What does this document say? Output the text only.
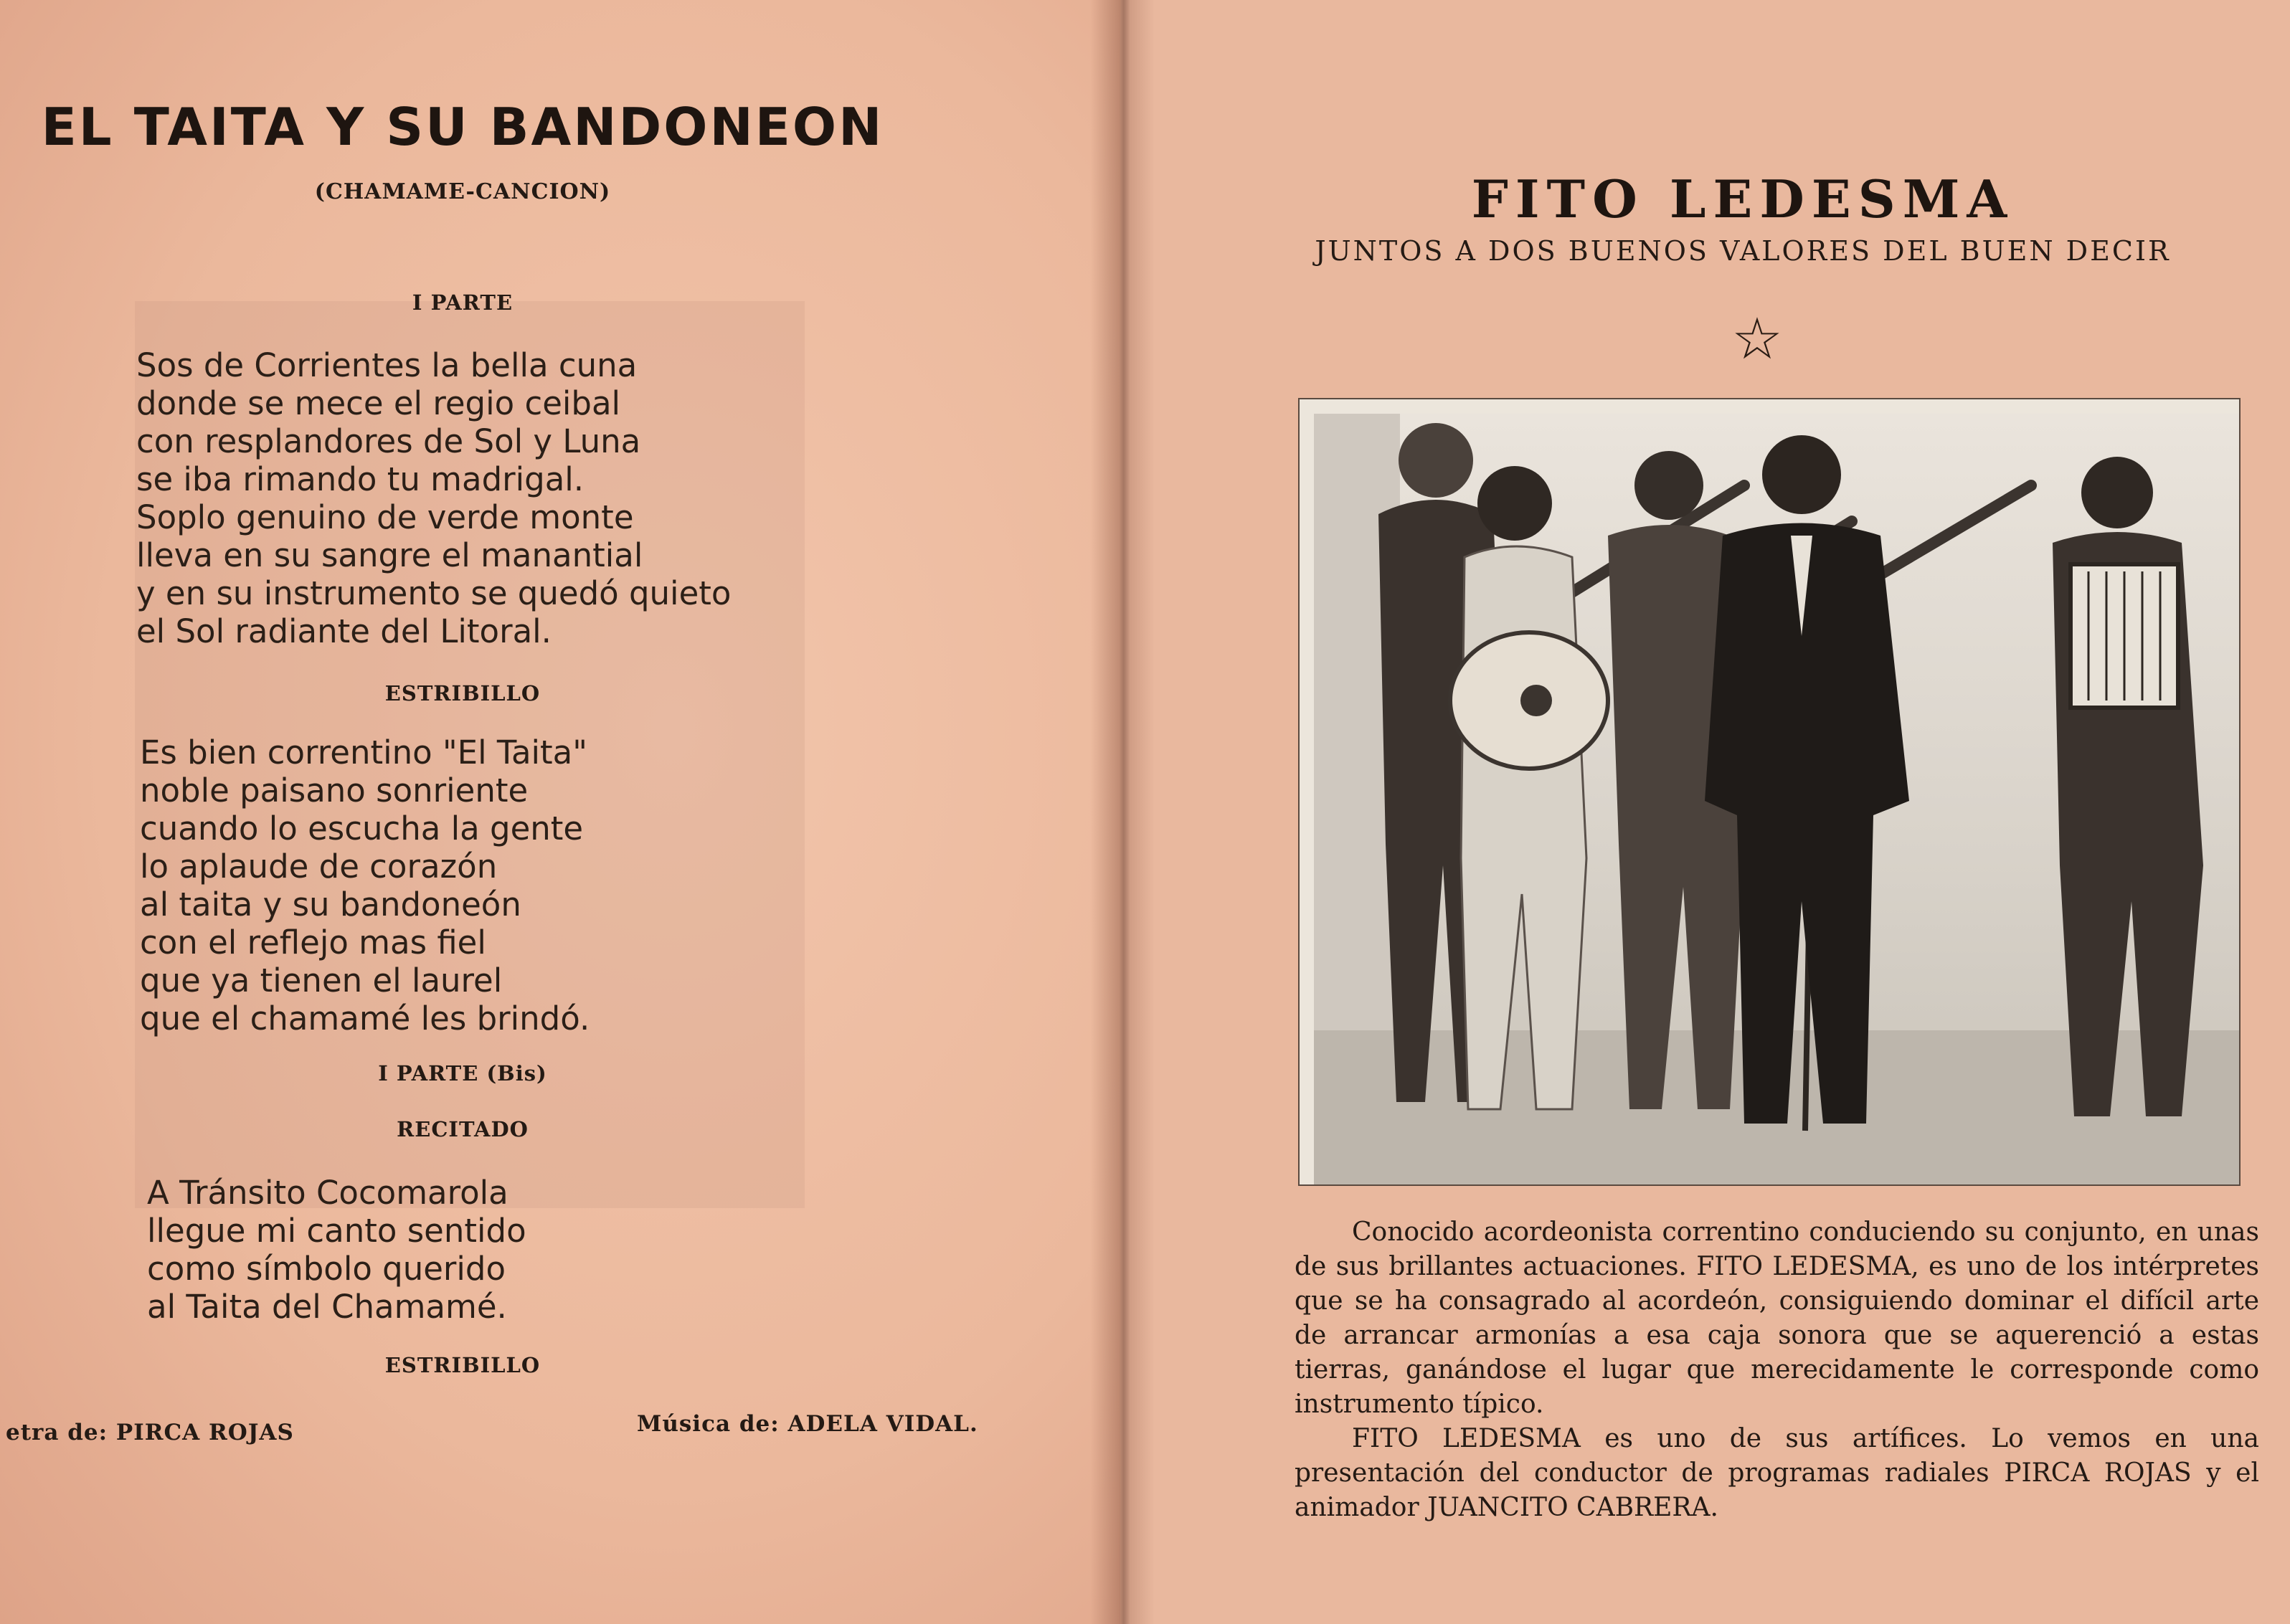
EL TAITA Y SU BANDONEON
(CHAMAME-CANCION)
I PARTE
Sos de Corrientes la bella cuna
donde se mece el regio ceibal
con resplandores de Sol y Luna
se iba rimando tu madrigal.
Soplo genuino de verde monte
lleva en su sangre el manantial
y en su instrumento se quedó quieto
el Sol radiante del Litoral.
ESTRIBILLO
Es bien correntino "El Taita"
noble paisano sonriente
cuando lo escucha la gente
lo aplaude de corazón
al taita y su bandoneón
con el reflejo mas fiel
que ya tienen el laurel
que el chamamé les brindó.
I PARTE (Bis)
RECITADO
A Tránsito Cocomarola
llegue mi canto sentido
como símbolo querido
al Taita del Chamamé.
ESTRIBILLO
etra de: PIRCA ROJAS	Música de: ADELA VIDAL.
FITO LEDESMA
JUNTOS A DOS BUENOS VALORES DEL BUEN DECIR
☆

Conocido acordeonista correntino conduciendo su conjunto, en unas de sus brillantes actuaciones. FITO LEDESMA, es uno de los intérpretes que se ha consagrado al acordeón, consiguiendo dominar el difícil arte de arrancar armonías a esa caja sonora que se aquerenció a estas tierras, ganándose el lugar que merecidamente le corresponde como instrumento típico.

FITO LEDESMA es uno de sus artífices. Lo vemos en una presentación del conductor de programas radiales PIRCA ROJAS y el animador JUANCITO CABRERA.
